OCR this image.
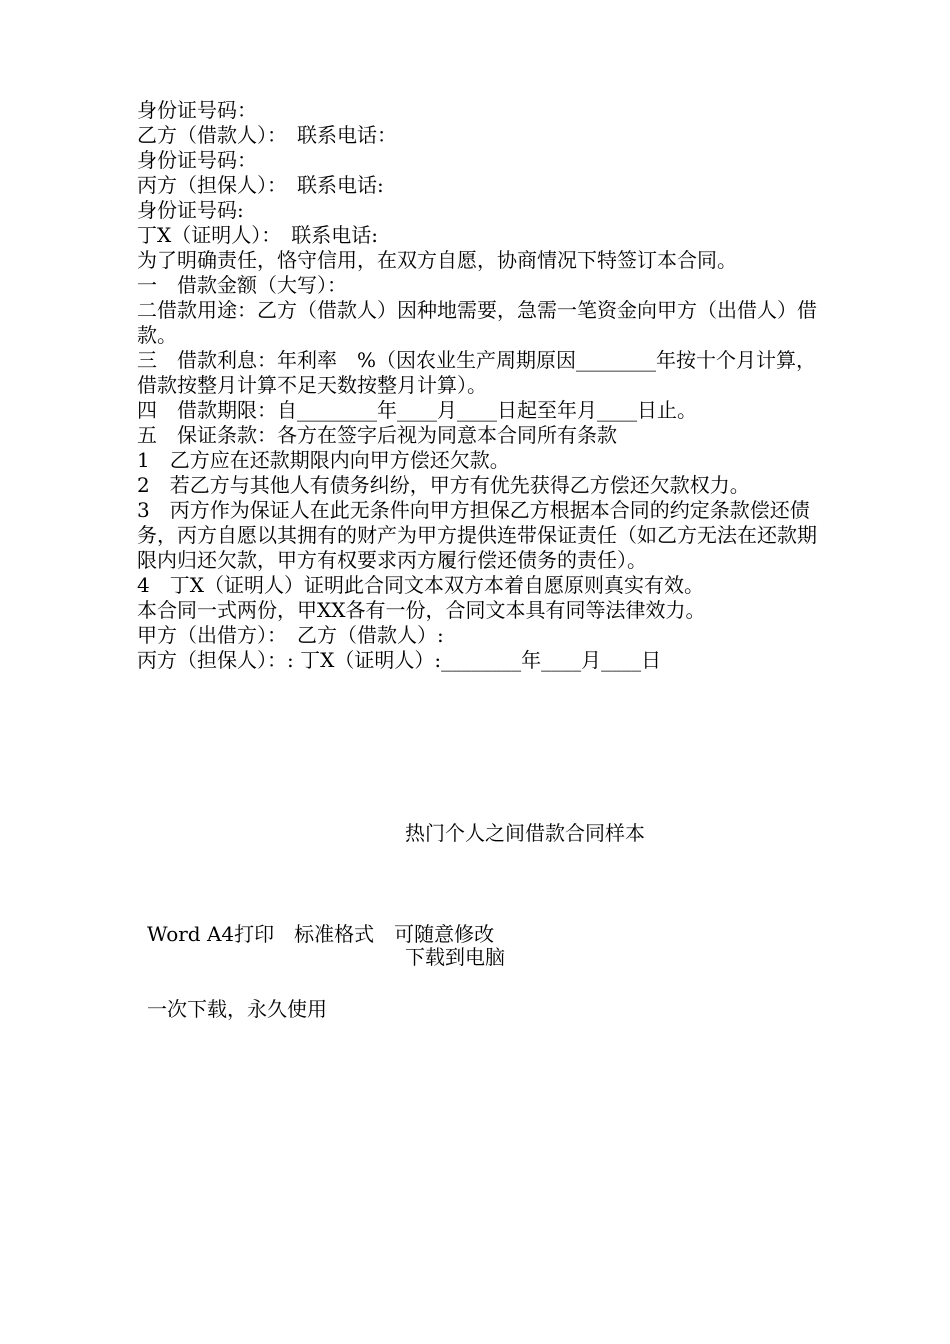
身份证号码：

乙方（借款人）：　联系电话：

身份证号码：

丙方（担保人）：　联系电话:

身份证号码:

丁X（证明人）：　联系电话:

为了明确责任，恪守信用，在双方自愿，协商情况下特签订本合同。

一　借款金额（大写）：

二借款用途：乙方（借款人）因种地需要，急需一笔资金向甲方（出借人）借款。

三　借款利息：年利率　%（因农业生产周期原因________年按十个月计算，借款按整月计算不足天数按整月计算）。

四　借款期限：自________年____月____日起至年月____日止。

五　保证条款：各方在签字后视为同意本合同所有条款

1　乙方应在还款期限内向甲方偿还欠款。

2　若乙方与其他人有债务纠纷，甲方有优先获得乙方偿还欠款权力。

3　丙方作为保证人在此无条件向甲方担保乙方根据本合同的约定条款偿还债务，丙方自愿以其拥有的财产为甲方提供连带保证责任（如乙方无法在还款期限内归还欠款，甲方有权要求丙方履行偿还债务的责任）。

4　丁X（证明人）证明此合同文本双方本着自愿原则真实有效。

本合同一式两份，甲XX各有一份，合同文本具有同等法律效力。

甲方（出借方）：　乙方（借款人）:

丙方（担保人）：: 丁X（证明人）:________年____月____日

热门个人之间借款合同样本

Word A4打印　标准格式　可随意修改

一次下载，永久使用

下载到电脑
